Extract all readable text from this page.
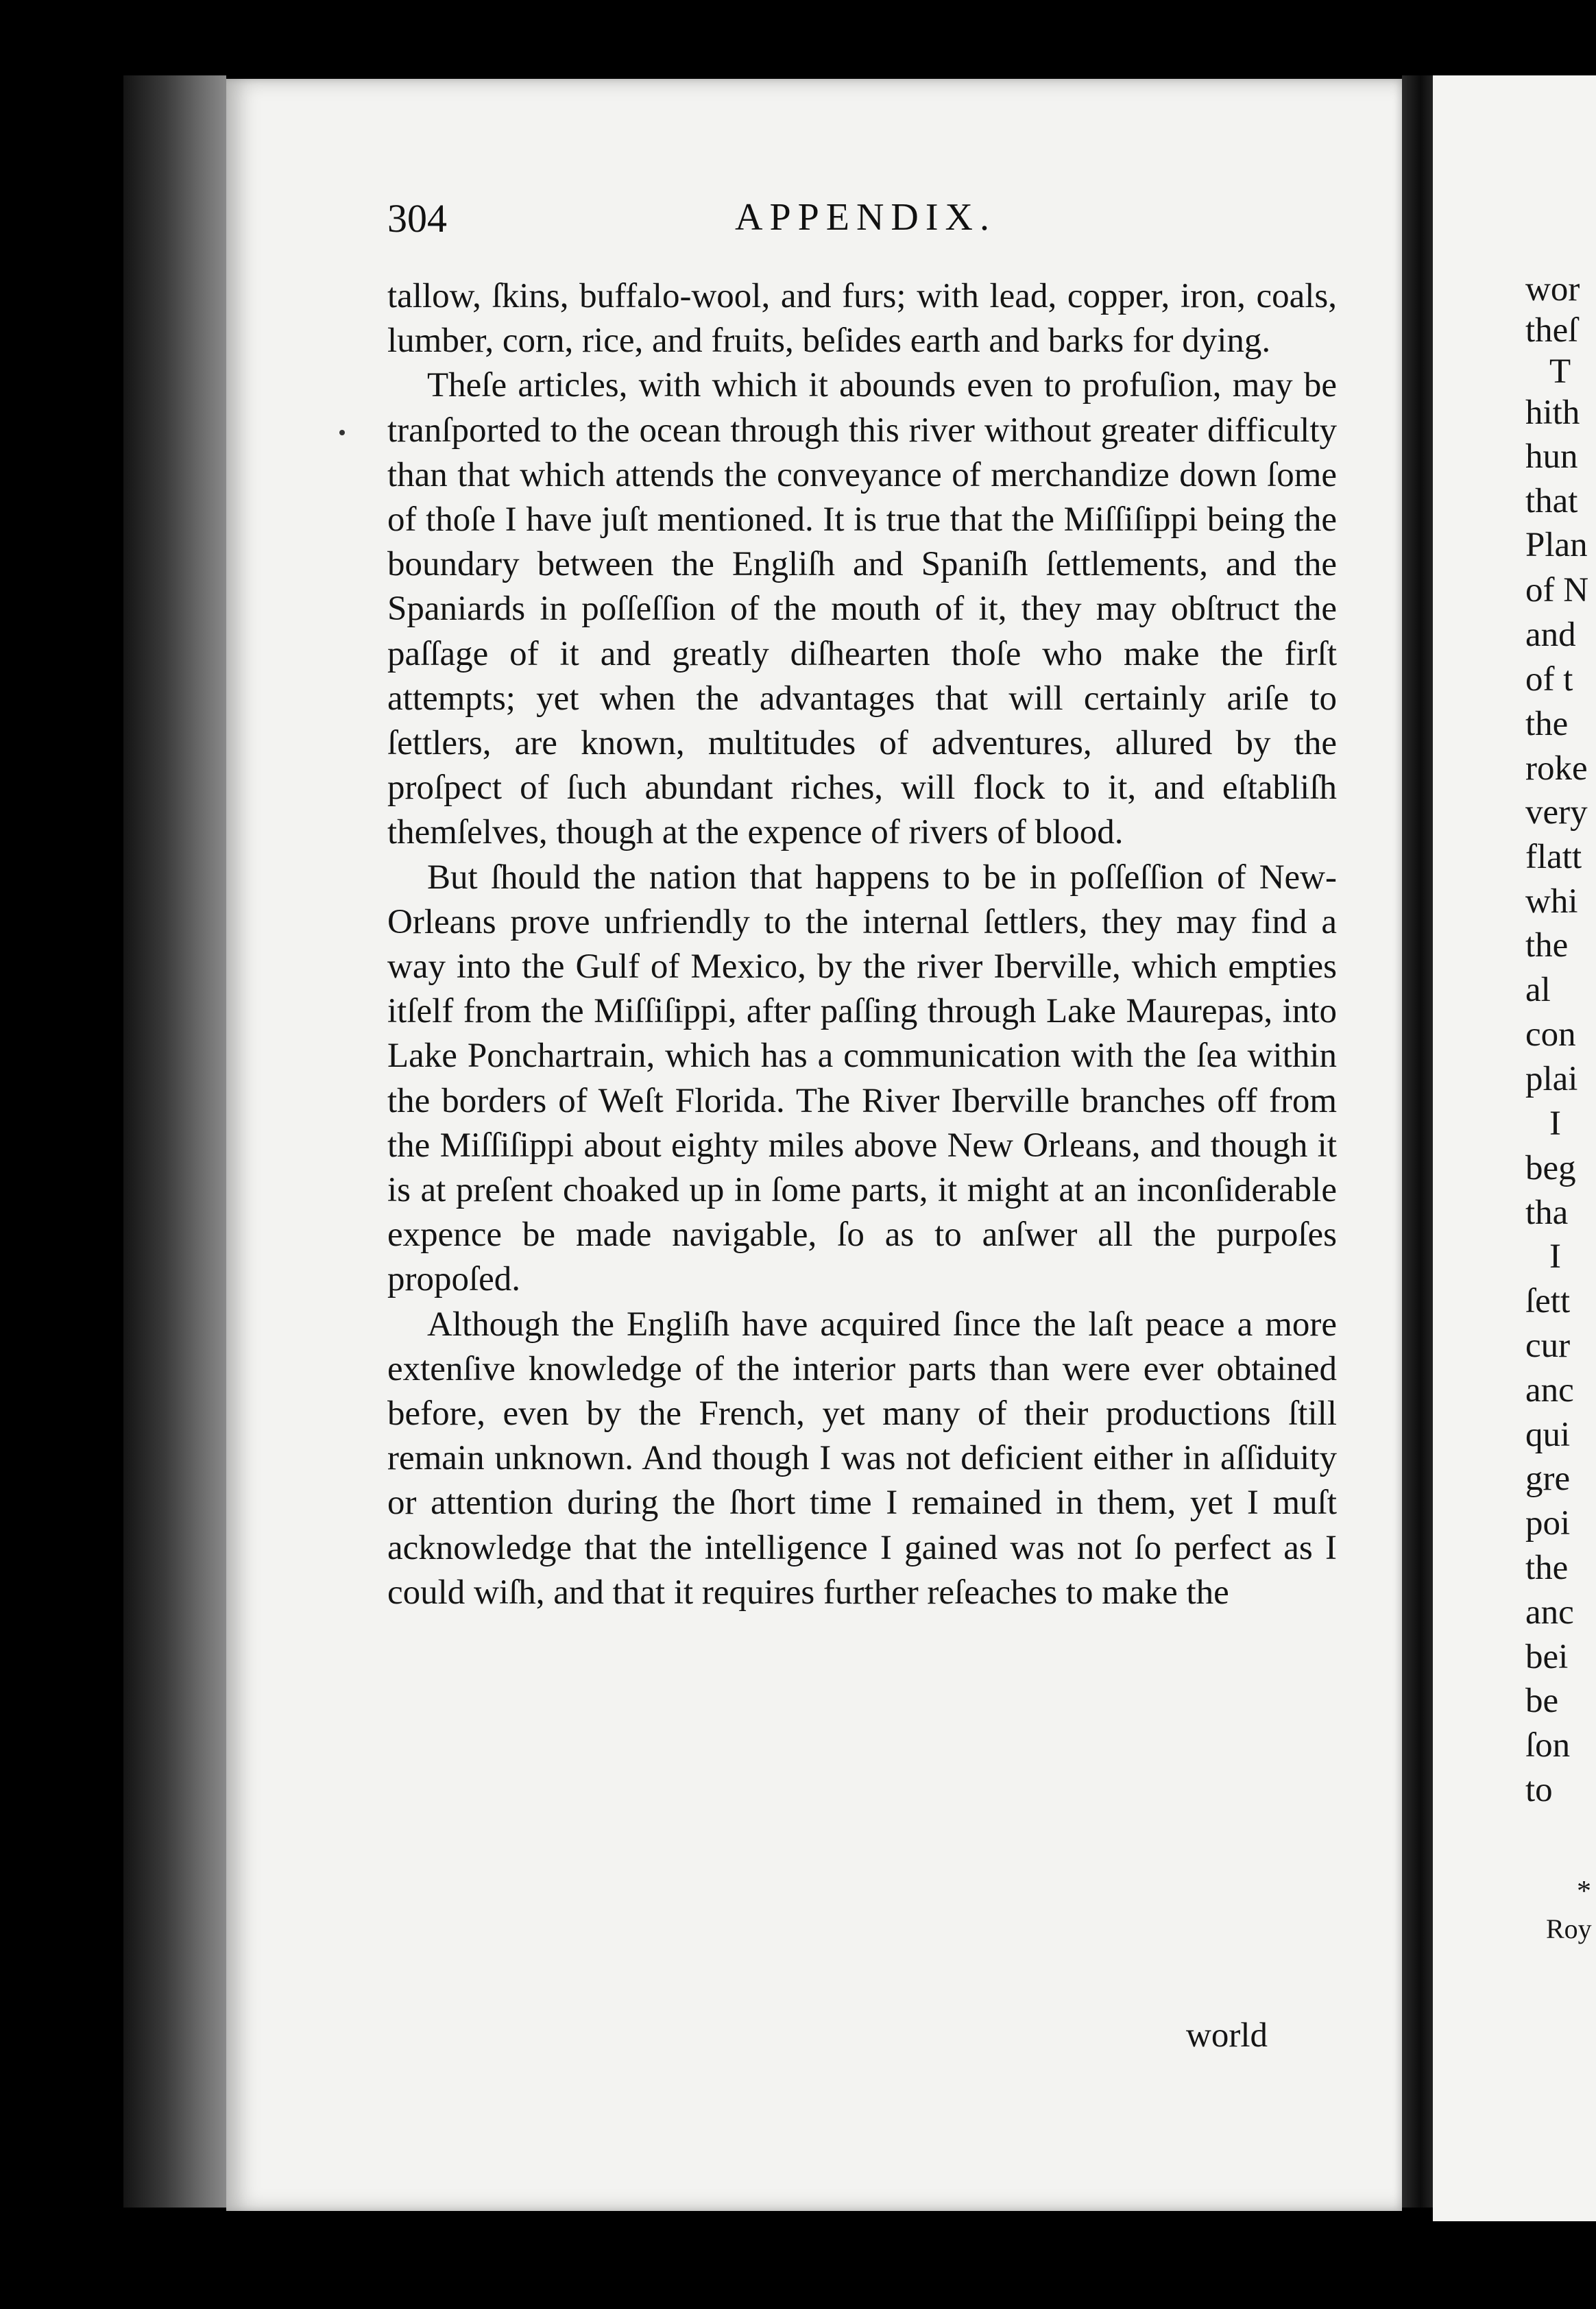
wor
theſ
T
hith
hun
that
Plan
of N
and
of t
the
roke
very
flatt
whi
the
al
con
plai
I
beg
tha
I
ſett
cur
anc
qui
gre
poi
the
anc
bei
be
ſon
to
*
Roy
304	APPENDIX.

tallow, ſkins, buffalo-wool, and furs; with lead, copper, iron, coals, lumber, corn, rice, and fruits, beſides earth and barks for dying.

Theſe articles, with which it abounds even to profuſion, may be tranſported to the ocean through this river without greater difficulty than that which attends the conveyance of merchandize down ſome of thoſe I have juſt mentioned. It is true that the Miſſiſippi being the boundary between the Engliſh and Spaniſh ſettlements, and the Spaniards in poſſeſſion of the mouth of it, they may obſtruct the paſſage of it and greatly diſhearten thoſe who make the firſt attempts; yet when the advantages that will certainly ariſe to ſettlers, are known, multitudes of adventures, allured by the proſpect of ſuch abundant riches, will flock to it, and eſtabliſh themſelves, though at the expence of rivers of blood.

But ſhould the nation that happens to be in poſſeſſion of New-Orleans prove unfriendly to the internal ſettlers, they may find a way into the Gulf of Mexico, by the river Iberville, which empties itſelf from the Miſſiſippi, after paſſing through Lake Maurepas, into Lake Ponchartrain, which has a communication with the ſea within the borders of Weſt Florida. The River Iberville branches off from the Miſſiſippi about eighty miles above New Orleans, and though it is at preſent choaked up in ſome parts, it might at an inconſiderable expence be made navigable, ſo as to anſwer all the purpoſes propoſed.

Although the Engliſh have acquired ſince the laſt peace a more extenſive knowledge of the interior parts than were ever obtained before, even by the French, yet many of their productions ſtill remain unknown. And though I was not deficient either in aſſiduity or attention during the ſhort time I remained in them, yet I muſt acknowledge that the intelligence I gained was not ſo perfect as I could wiſh, and that it requires further reſeaches to make the

world
